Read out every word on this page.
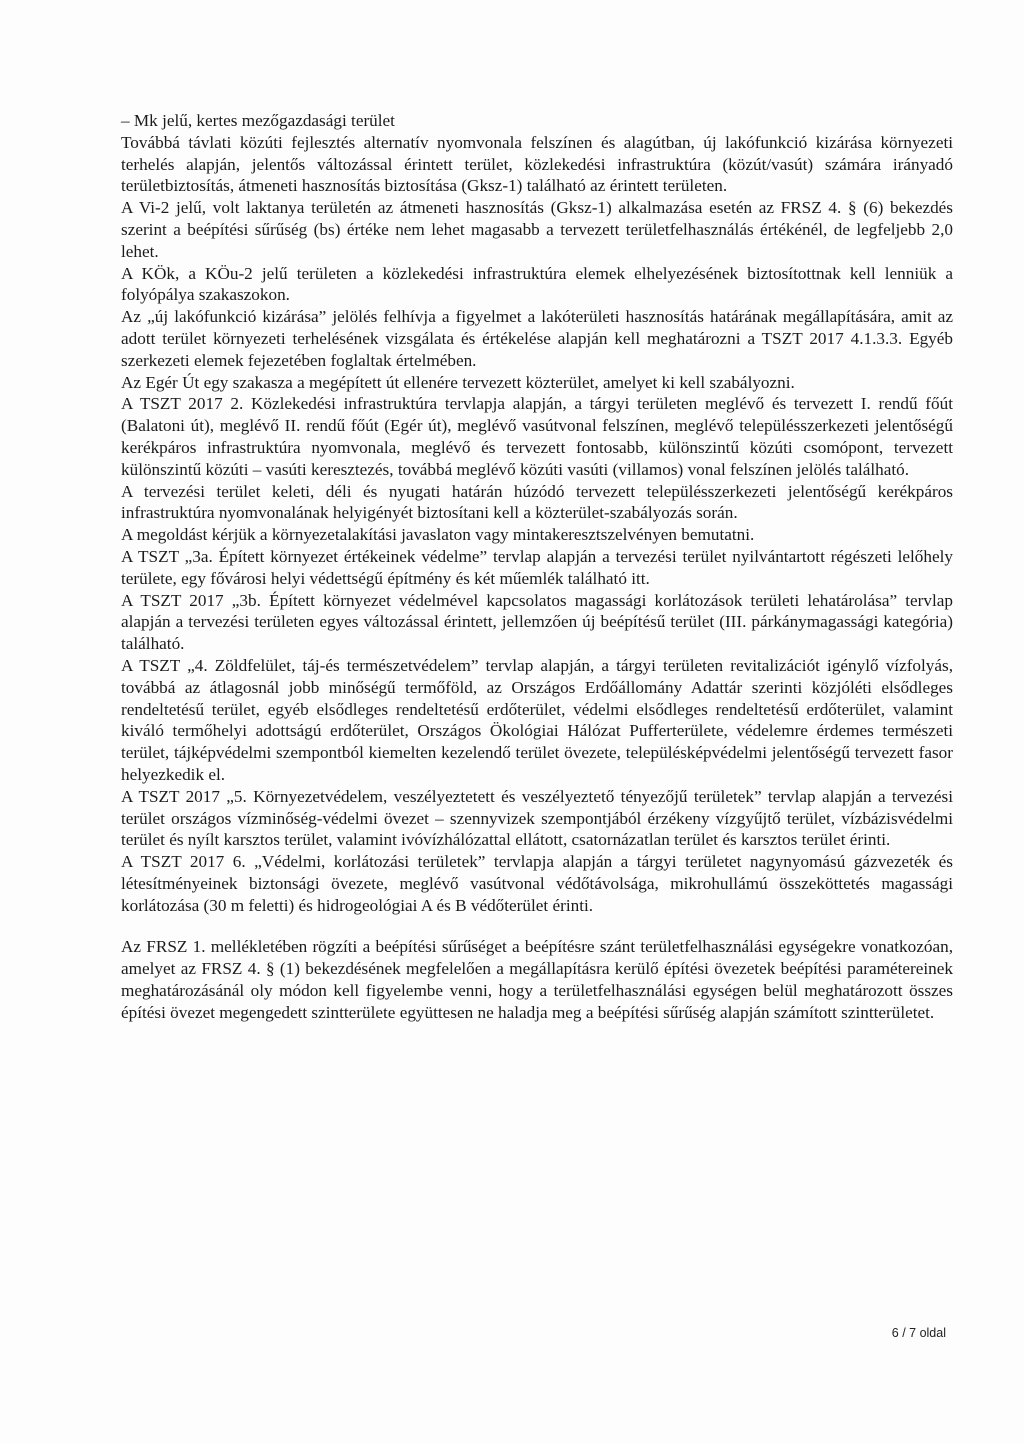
– Mk jelű, kertes mezőgazdasági terület

Továbbá távlati közúti fejlesztés alternatív nyomvonala felszínen és alagútban, új lakófunkció kizárása környezeti terhelés alapján, jelentős változással érintett terület, közlekedési infrastruktúra (közút/vasút) számára irányadó területbiztosítás, átmeneti hasznosítás biztosítása (Gksz-1) található az érintett területen.

A Vi-2 jelű, volt laktanya területén az átmeneti hasznosítás (Gksz-1) alkalmazása esetén az FRSZ 4. § (6) bekezdés szerint a beépítési sűrűség (bs) értéke nem lehet magasabb a tervezett területfelhasználás értékénél, de legfeljebb 2,0 lehet.

A KÖk, a KÖu-2 jelű területen a közlekedési infrastruktúra elemek elhelyezésének biztosítottnak kell lenniük a folyópálya szakaszokon.

Az „új lakófunkció kizárása” jelölés felhívja a figyelmet a lakóterületi hasznosítás határának megállapítására, amit az adott terület környezeti terhelésének vizsgálata és értékelése alapján kell meghatározni a TSZT 2017 4.1.3.3. Egyéb szerkezeti elemek fejezetében foglaltak értelmében.

Az Egér Út egy szakasza a megépített út ellenére tervezett közterület, amelyet ki kell szabályozni.

A TSZT 2017 2. Közlekedési infrastruktúra tervlapja alapján, a tárgyi területen meglévő és tervezett I. rendű főút (Balatoni út), meglévő II. rendű főút (Egér út), meglévő vasútvonal felszínen, meglévő településszerkezeti jelentőségű kerékpáros infrastruktúra nyomvonala, meglévő és tervezett fontosabb, különszintű közúti csomópont, tervezett különszintű közúti – vasúti keresztezés, továbbá meglévő közúti vasúti (villamos) vonal felszínen jelölés található.

A tervezési terület keleti, déli és nyugati határán húzódó tervezett településszerkezeti jelentőségű kerékpáros infrastruktúra nyomvonalának helyigényét biztosítani kell a közterület-szabályozás során.

A megoldást kérjük a környezetalakítási javaslaton vagy mintakeresztszelvényen bemutatni.

A TSZT „3a. Épített környezet értékeinek védelme” tervlap alapján a tervezési terület nyilvántartott régészeti lelőhely területe, egy fővárosi helyi védettségű építmény és két műemlék található itt.

A TSZT 2017 „3b. Épített környezet védelmével kapcsolatos magassági korlátozások területi lehatárolása” tervlap alapján a tervezési területen egyes változással érintett, jellemzően új beépítésű terület (III. párkánymagassági kategória) található.

A TSZT „4. Zöldfelület, táj-és természetvédelem” tervlap alapján, a tárgyi területen revitalizációt igénylő vízfolyás, továbbá az átlagosnál jobb minőségű termőföld, az Országos Erdőállomány Adattár szerinti közjóléti elsődleges rendeltetésű terület, egyéb elsődleges rendeltetésű erdőterület, védelmi elsődleges rendeltetésű erdőterület, valamint kiváló termőhelyi adottságú erdőterület, Országos Ökológiai Hálózat Pufferterülete, védelemre érdemes természeti terület, tájképvédelmi szempontból kiemelten kezelendő terület övezete, településképvédelmi jelentőségű tervezett fasor helyezkedik el.

A TSZT 2017 „5. Környezetvédelem, veszélyeztetett és veszélyeztető tényezőjű területek” tervlap alapján a tervezési terület országos vízminőség-védelmi övezet – szennyvizek szempontjából érzékeny vízgyűjtő terület, vízbázisvédelmi terület és nyílt karsztos terület, valamint ivóvízhálózattal ellátott, csatornázatlan terület és karsztos terület érinti.

A TSZT 2017 6. „Védelmi, korlátozási területek” tervlapja alapján a tárgyi területet nagynyomású gázvezeték és létesítményeinek biztonsági övezete, meglévő vasútvonal védőtávolsága, mikrohullámú összeköttetés magassági korlátozása (30 m feletti) és hidrogeológiai A és B védőterület érinti.

Az FRSZ 1. mellékletében rögzíti a beépítési sűrűséget a beépítésre szánt területfelhasználási egységekre vonatkozóan, amelyet az FRSZ 4. § (1) bekezdésének megfelelően a megállapításra kerülő építési övezetek beépítési paramétereinek meghatározásánál oly módon kell figyelembe venni, hogy a területfelhasználási egységen belül meghatározott összes építési övezet megengedett szintterülete együttesen ne haladja meg a beépítési sűrűség alapján számított szintterületet.

6 / 7 oldal
